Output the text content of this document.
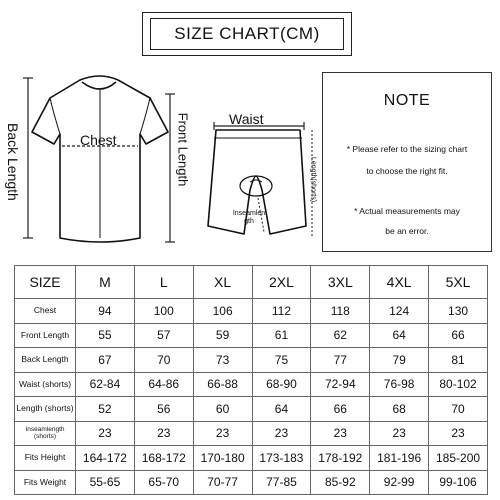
SIZE CHART(CM)
Back Length	Chest	Front Length	Waist
Length(shorts)
Inseamlength
NOTE
* Please refer to the sizing chart
to choose the right fit.
* Actual measurements may
be an error.
SIZE	M	L	XL	2XL	3XL	4XL	5XL
Chest	94	100	106	112	118	124	130
Front Length	55	57	59	61	62	64	66
Back Length	67	70	73	75	77	79	81
Waist (shorts)	62-84	64-86	66-88	68-90	72-94	76-98	80-102
Length (shorts)	52	56	60	64	66	68	70
Inseamlength (shorts)	23	23	23	23	23	23	23
Fits Height	164-172	168-172	170-180	173-183	178-192	181-196	185-200
Fits Weight	55-65	65-70	70-77	77-85	85-92	92-99	99-106
